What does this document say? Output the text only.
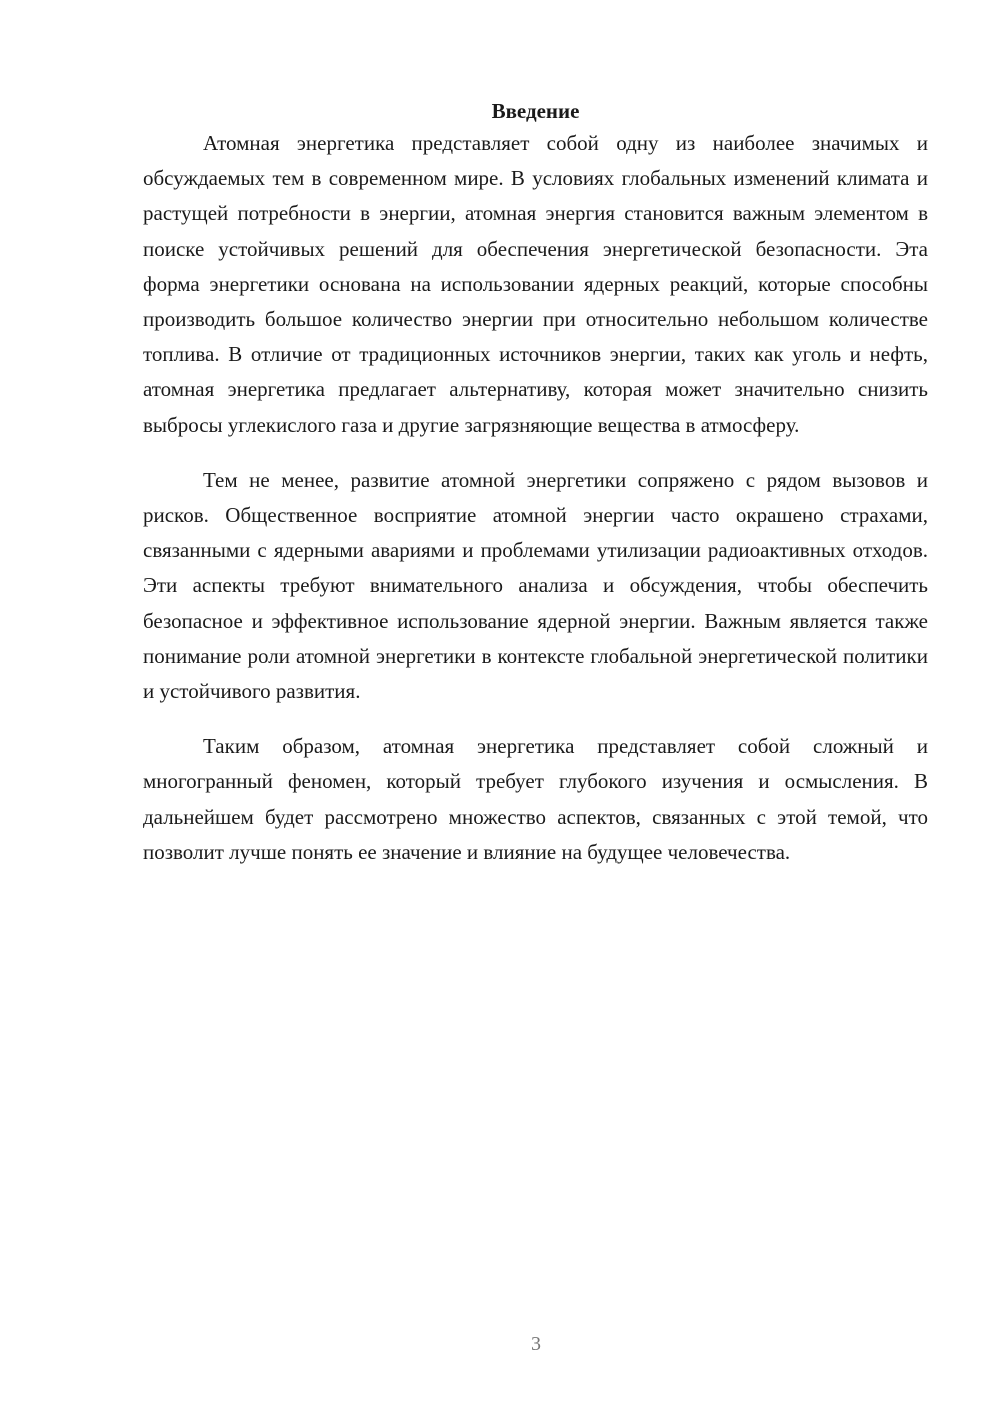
Введение

Атомная энергетика представляет собой одну из наиболее значимых и обсуждаемых тем в современном мире. В условиях глобальных изменений климата и растущей потребности в энергии, атомная энергия становится важным элементом в поиске устойчивых решений для обеспечения энергетической безопасности. Эта форма энергетики основана на использовании ядерных реакций, которые способны производить большое количество энергии при относительно небольшом количестве топлива. В отличие от традиционных источников энергии, таких как уголь и нефть, атомная энергетика предлагает альтернативу, которая может значительно снизить выбросы углекислого газа и другие загрязняющие вещества в атмосферу.

Тем не менее, развитие атомной энергетики сопряжено с рядом вызовов и рисков. Общественное восприятие атомной энергии часто окрашено страхами, связанными с ядерными авариями и проблемами утилизации радиоактивных отходов. Эти аспекты требуют внимательного анализа и обсуждения, чтобы обеспечить безопасное и эффективное использование ядерной энергии. Важным является также понимание роли атомной энергетики в контексте глобальной энергетической политики и устойчивого развития.

Таким образом, атомная энергетика представляет собой сложный и многогранный феномен, который требует глубокого изучения и осмысления. В дальнейшем будет рассмотрено множество аспектов, связанных с этой темой, что позволит лучше понять ее значение и влияние на будущее человечества.

3
